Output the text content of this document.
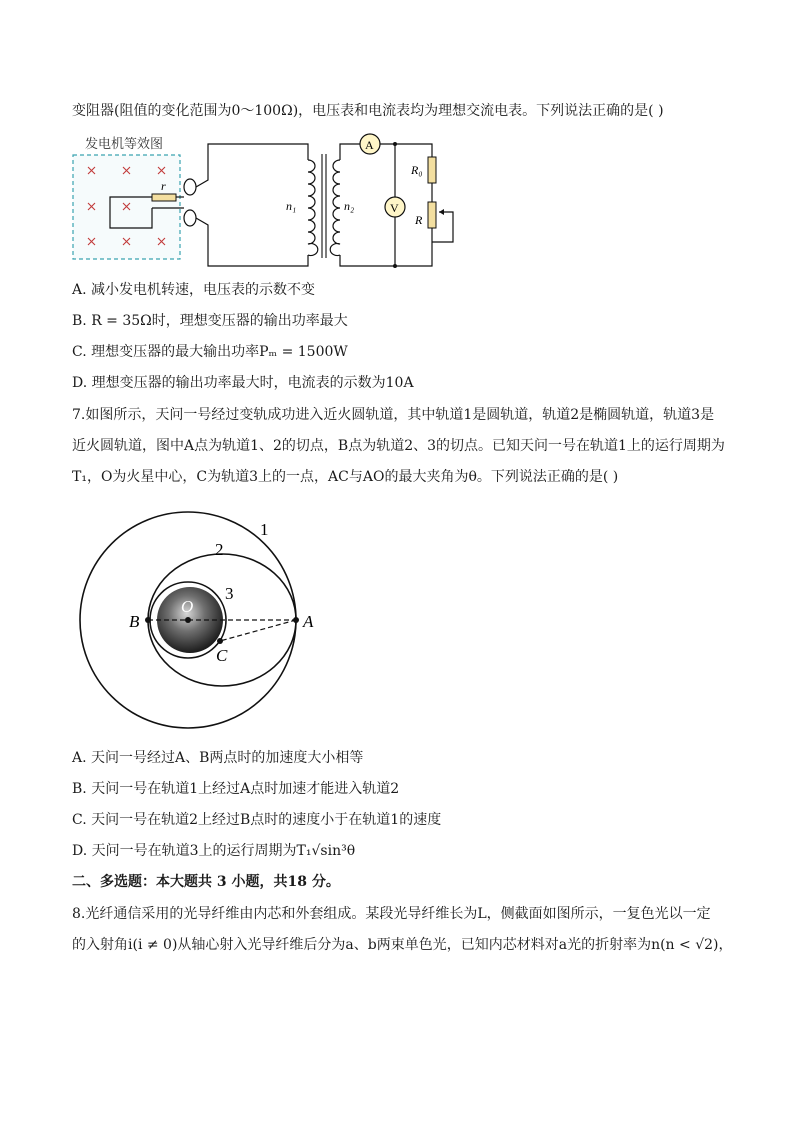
变阻器(阻值的变化范围为0～100Ω)，电压表和电流表均为理想交流电表。下列说法正确的是( )
发电机等效图
r
n₁	n₂
A
V
R₀
R
A. 减小发电机转速，电压表的示数不变
B. R = 35Ω时，理想变压器的输出功率最大
C. 理想变压器的最大输出功率Pₘ = 1500W
D. 理想变压器的输出功率最大时，电流表的示数为10A
7.如图所示，天问一号经过变轨成功进入近火圆轨道，其中轨道1是圆轨道，轨道2是椭圆轨道，轨道3是
近火圆轨道，图中A点为轨道1、2的切点，B点为轨道2、3的切点。已知天问一号在轨道1上的运行周期为
T₁，O为火星中心，C为轨道3上的一点，AC与AO的最大夹角为θ。下列说法正确的是( )
1
2
3
O
A
B
C
A. 天问一号经过A、B两点时的加速度大小相等
B. 天问一号在轨道1上经过A点时加速才能进入轨道2
C. 天问一号在轨道2上经过B点时的速度小于在轨道1的速度
D. 天问一号在轨道3上的运行周期为T₁√sin³θ
二、多选题：本大题共 3 小题，共18 分。
8.光纤通信采用的光导纤维由内芯和外套组成。某段光导纤维长为L，侧截面如图所示，一复色光以一定
的入射角i(i ≠ 0)从轴心射入光导纤维后分为a、b两束单色光，已知内芯材料对a光的折射率为n(n < √2)，
